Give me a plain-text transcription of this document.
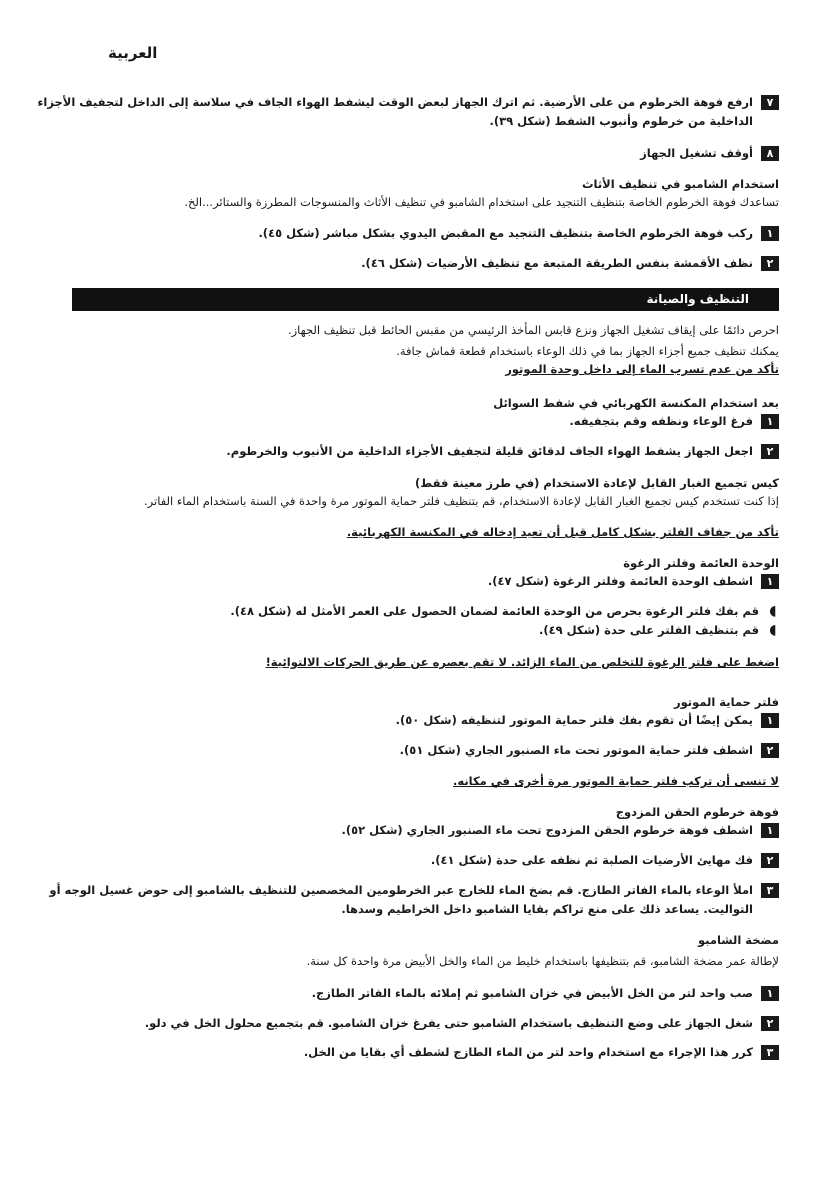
العربية
٧ارفع فوهة الخرطوم من على الأرضية. ثم اترك الجهاز لبعض الوقت ليشفط الهواء الجاف في سلاسة إلى الداخل لتجفيف الأجزاء
الداخلية من خرطوم وأنبوب الشفط (شكل ٣٩).
٨أوقف تشغيل الجهاز
استخدام الشامبو في تنظيف الأثاث
تساعدك فوهة الخرطوم الخاصة بتنظيف التنجيد على استخدام الشامبو في تنظيف الأثاث والمنسوجات المطرزة والستائر...الخ.
١ركب فوهة الخرطوم الخاصة بتنظيف التنجيد مع المقبض اليدوي بشكل مباشر (شكل ٤٥).
٢نظف الأقمشة بنفس الطريقة المتبعة مع تنظيف الأرضيات (شكل ٤٦).
التنظيف والصيانة
احرص دائمًا على إيقاف تشغيل الجهاز ونزع قابس المأخذ الرئيسي من مقبس الحائط قبل تنظيف الجهاز.
يمكنك تنظيف جميع أجزاء الجهاز بما في ذلك الوعاء باستخدام قطعة قماش جافة.
تأكد من عدم تسرب الماء إلى داخل وحدة الموتور
بعد استخدام المكنسة الكهربائي في شفط السوائل
١فرغ الوعاء ونظفه وقم بتجفيفه.
٢اجعل الجهاز يشفط الهواء الجاف لدقائق قليلة لتجفيف الأجزاء الداخلية من الأنبوب والخرطوم.
كيس تجميع الغبار القابل لإعادة الاستخدام (في طرز معينة فقط)
إذا كنت تستخدم كيس تجميع الغبار القابل لإعادة الاستخدام، قم بتنظيف فلتر حماية الموتور مرة واحدة في السنة باستخدام الماء الفاتر.
تأكد من جفاف الفلتر بشكل كامل قبل أن تعيد إدخاله في المكنسة الكهربائية.
الوحدة العائمة وفلتر الرغوة
١اشطف الوحدة العائمة وفلتر الرغوة (شكل ٤٧).
◖قم بفك فلتر الرغوة بحرص من الوحدة العائمة لضمان الحصول على العمر الأمثل له (شكل ٤٨).
◖قم بتنظيف الفلتر على حدة (شكل ٤٩).
اضغط على فلتر الرغوة للتخلص من الماء الزائد. لا تقم بعصره عن طريق الحركات الالتوائية!
فلتر حماية الموتور
١يمكن إيضًا أن تقوم بفك فلتر حماية الموتور لتنظيفه (شكل ٥٠).
٢اشطف فلتر حماية الموتور تحت ماء الصنبور الجاري (شكل ٥١).
لا تنسى أن تركب فلتر حماية الموتور مرة أخرى في مكانه.
فوهة خرطوم الحقن المزدوج
١اشطف فوهة خرطوم الحقن المزدوج تحت ماء الصنبور الجاري (شكل ٥٢).
٢فك مهايئ الأرضيات الصلبة ثم نظفه على حدة (شكل ٤١).
٣املأ الوعاء بالماء الفاتر الطازج. قم بضخ الماء للخارج عبر الخرطومين المخصصين للتنظيف بالشامبو إلى حوض غسيل الوجه أو
التواليت. يساعد ذلك على منع تراكم بقايا الشامبو داخل الخراطيم وسدها.
مضخة الشامبو
لإطالة عمر مضخة الشامبو، قم بتنظيفها باستخدام خليط من الماء والخل الأبيض مرة واحدة كل سنة.
١صب واحد لتر من الخل الأبيض في خزان الشامبو ثم إملائه بالماء الفاتر الطازج.
٢شغل الجهاز على وضع التنظيف باستخدام الشامبو حتى يفرغ خزان الشامبو. قم بتجميع محلول الخل في دلو.
٣كرر هذا الإجراء مع استخدام واحد لتر من الماء الطازج لشطف أي بقايا من الخل.
